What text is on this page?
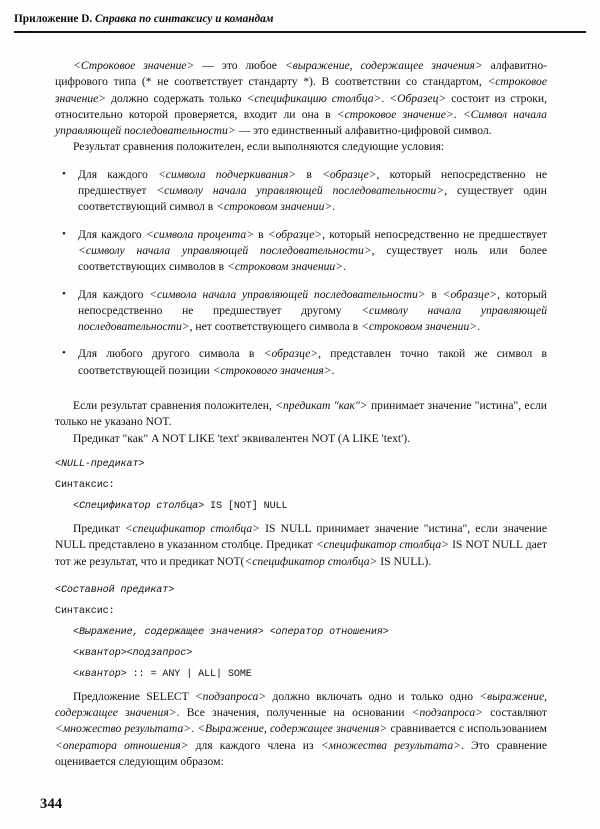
Приложение D. Справка по синтаксису и командам

<Строковое значение> — это любое <выражение, содержащее значения> алфавитно-цифрового типа (* не соответствует стандарту *). В соответствии со стандартом, <строковое значение> должно содержать только <спецификацию столбца>. <Образец> состоит из строки, относительно которой проверяется, входит ли она в <строковое значение>. <Символ начала управляющей последовательности> — это единственный алфавитно-цифровой символ.

Результат сравнения положителен, если выполняются следующие условия:

• Для каждого <символа подчеркивания> в <образце>, который непосредственно не предшествует <символу начала управляющей последовательности>, существует один соответствующий символ в <строковом значении>.
• Для каждого <символа процента> в <образце>, который непосредственно не предшествует <символу начала управляющей последовательности>, существует ноль или более соответствующих символов в <строковом значении>.
• Для каждого <символа начала управляющей последовательности> в <образце>, который непосредственно не предшествует другому <символу начала управляющей последовательности>, нет соответствующего символа в <строковом значении>.
• Для любого другого символа в <образце>, представлен точно такой же символ в соответствующей позиции <строкового значения>.

Если результат сравнения положителен, <предикат "как"> принимает значение "истина", если только не указано NOT.

Предикат "как" A NOT LIKE 'text' эквивалентен NOT (A LIKE 'text').

<NULL-предикат>
Синтаксис:
<Спецификатор столбца> IS [NOT] NULL

Предикат <спецификатор столбца> IS NULL принимает значение "истина", если значение NULL представлено в указанном столбце. Предикат <спецификатор столбца> IS NOT NULL дает тот же результат, что и предикат NOT(<спецификатор столбца> IS NULL).

<Составной предикат>
Синтаксис:
<Выражение, содержащее значения> <оператор отношения>
<квантор><подзапрос>
<квантор> :: = ANY | ALL| SOME

Предложение SELECT <подзапроса> должно включать одно и только одно <выражение, содержащее значения>. Все значения, полученные на основании <подзапроса> составляют <множество результата>. <Выражение, содержащее значения> сравнивается с использованием <оператора отношения> для каждого члена из <множества результата>. Это сравнение оценивается следующим образом:

344
